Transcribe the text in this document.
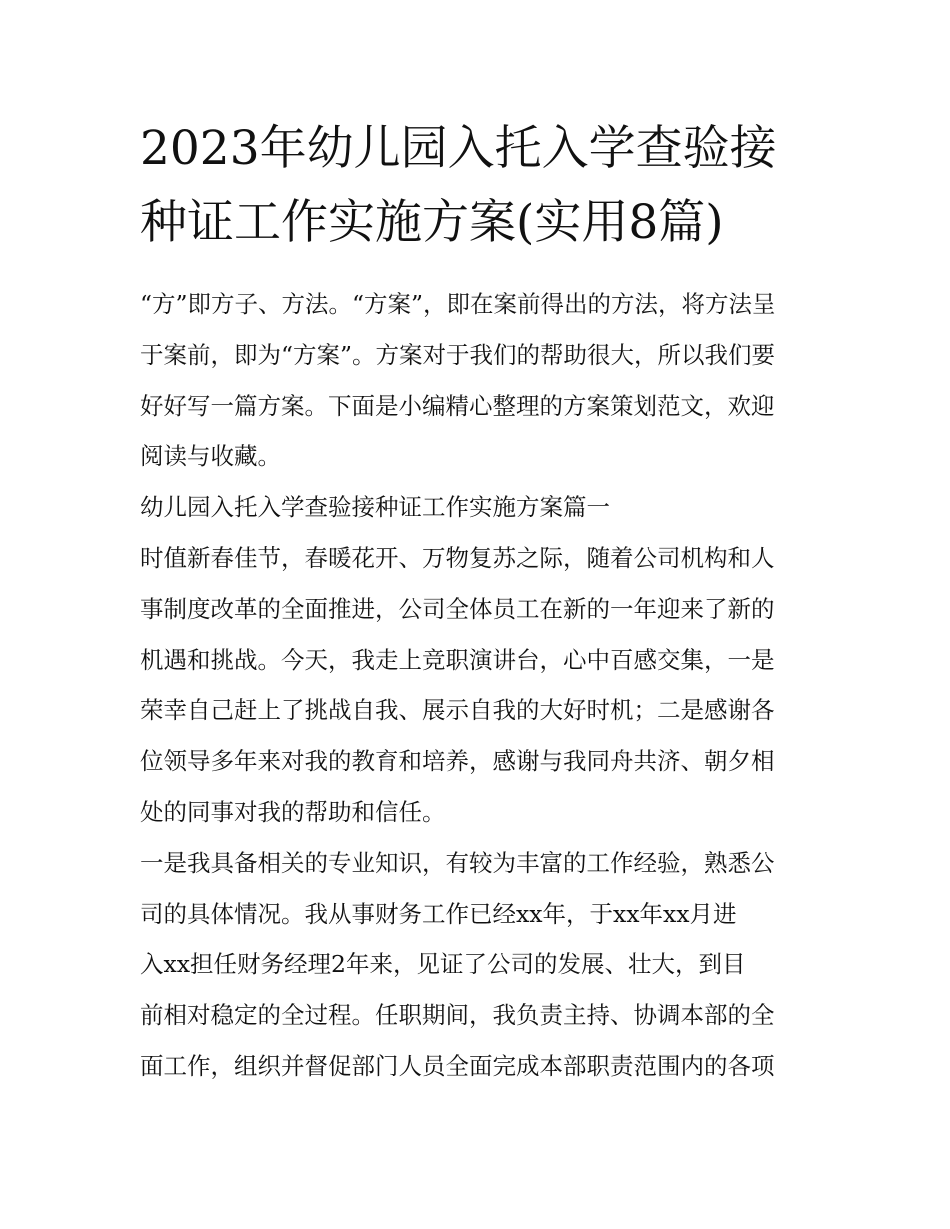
2023年幼儿园入托入学查验接
种证工作实施方案(实用8篇)
“方”即方子、方法。“方案”，即在案前得出的方法，将方法呈
于案前，即为“方案”。方案对于我们的帮助很大，所以我们要
好好写一篇方案。下面是小编精心整理的方案策划范文，欢迎
阅读与收藏。
幼儿园入托入学查验接种证工作实施方案篇一
时值新春佳节，春暖花开、万物复苏之际，随着公司机构和人
事制度改革的全面推进，公司全体员工在新的一年迎来了新的
机遇和挑战。今天，我走上竞职演讲台，心中百感交集，一是
荣幸自己赶上了挑战自我、展示自我的大好时机；二是感谢各
位领导多年来对我的教育和培养，感谢与我同舟共济、朝夕相
处的同事对我的帮助和信任。
一是我具备相关的专业知识，有较为丰富的工作经验，熟悉公
司的具体情况。我从事财务工作已经xx年，于xx年xx月进
入xx担任财务经理2年来，见证了公司的发展、壮大，到目
前相对稳定的全过程。任职期间，我负责主持、协调本部的全
面工作，组织并督促部门人员全面完成本部职责范围内的各项
